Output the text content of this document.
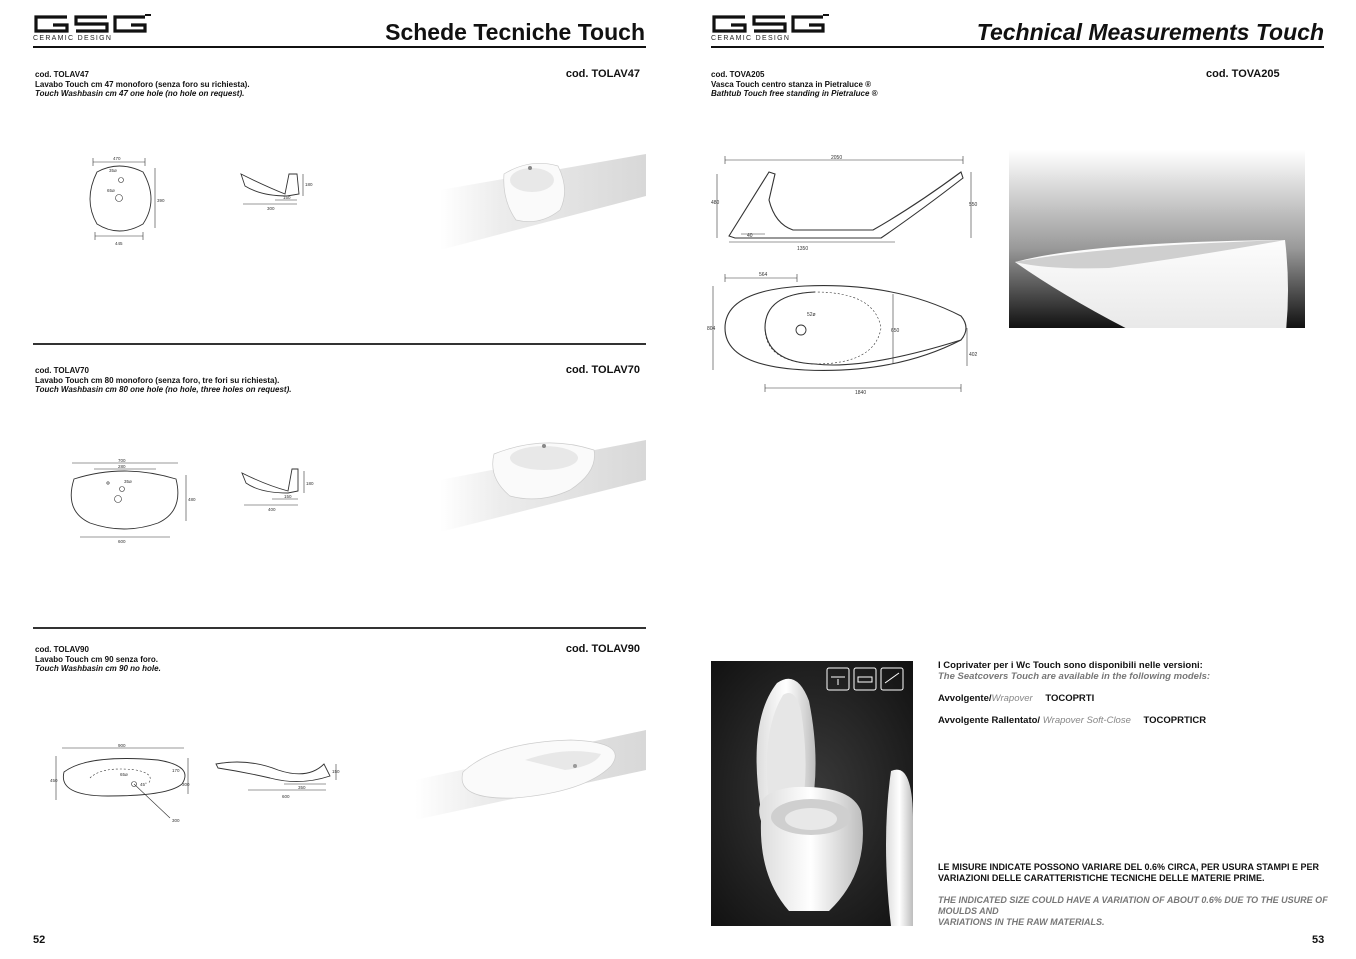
CERAMIC DESIGN	Schede Tecniche Touch
cod. TOLAV47
Lavabo Touch cm 47 monoforo (senza foro su richiesta).
Touch Washbasin cm 47 one hole (no hole on request).
cod. TOLAV47
470
35ø
65ø
445
390
180
150
300
cod. TOLAV70
Lavabo Touch cm 80 monoforo (senza foro, tre fori su richiesta).
Touch Washbasin cm 80 one hole (no hole, three holes on request).
cod. TOLAV70
700
280
35ø
600
480
180
150
400
cod. TOLAV90
Lavabo Touch cm 90 senza foro.
Touch Washbasin cm 90 no hole.
cod. TOLAV90
900
450
170
300
65ø
45°
300
150
350
600
52
CERAMIC DESIGN	Technical Measurements Touch
cod. TOVA205
Vasca Touch centro stanza in Pietraluce ®
Bathtub Touch free standing in Pietraluce ®
cod. TOVA205
2050
480	550
40
1350
564
804	650
52ø
402
1840
I Coprivater per i Wc Touch sono disponibili nelle versioni:
The Seatcovers Touch are available in the following models:
Avvolgente/Wrapover TOCOPRTI
Avvolgente Rallentato/ Wrapover Soft-Close TOCOPRTICR
LE MISURE INDICATE POSSONO VARIARE DEL 0.6% CIRCA, PER USURA STAMPI E PER VARIAZIONI DELLE CARATTERISTICHE TECNICHE DELLE MATERIE PRIME.
THE INDICATED SIZE COULD HAVE A VARIATION OF ABOUT 0.6% DUE TO THE USURE OF MOULDS AND
VARIATIONS IN THE RAW MATERIALS.
53
